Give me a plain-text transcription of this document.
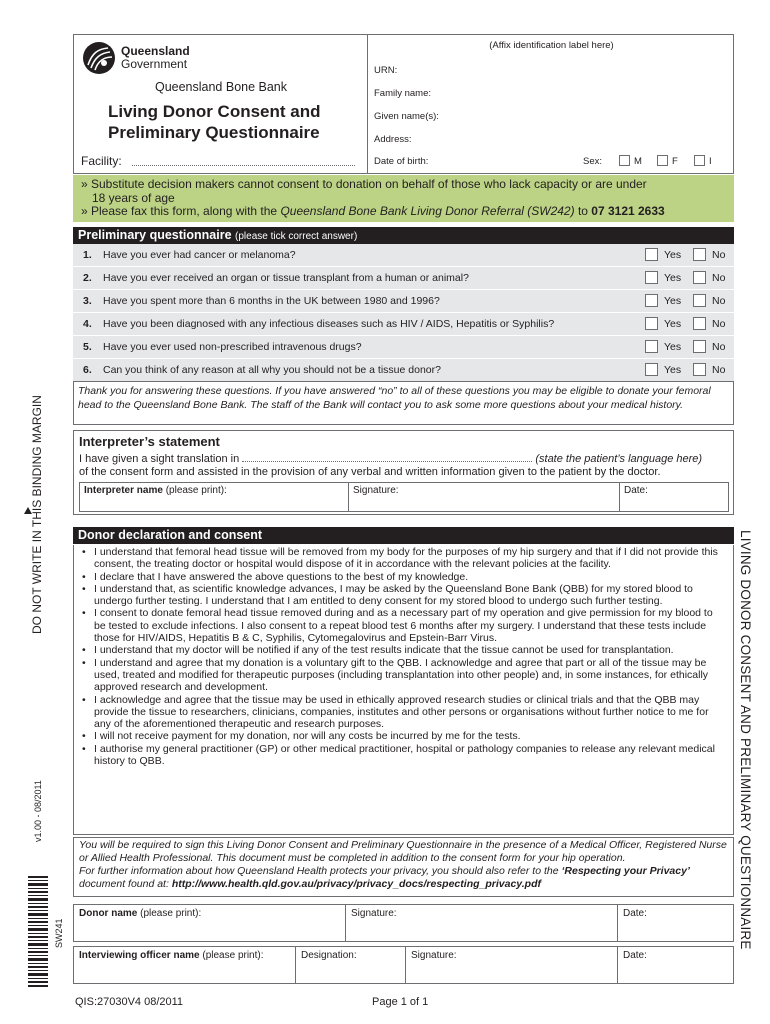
Queensland
Government
Queensland Bone Bank
Living Donor Consent and
Preliminary Questionnaire
Facility:
(Affix identification label here)
URN:
Family name:
Given name(s):
Address:
Date of birth:	Sex:	M	F	I

» Substitute decision makers cannot consent to donation on behalf of those who lack capacity or are under

18 years of age

» Please fax this form, along with the Queensland Bone Bank Living Donor Referral (SW242) to 07 3121 2633

Preliminary questionnaire (please tick correct answer)
1. Have you ever had cancer or melanoma?	Yes	No
2. Have you ever received an organ or tissue transplant from a human or animal?	Yes	No
3. Have you spent more than 6 months in the UK between 1980 and 1996?	Yes	No
4. Have you been diagnosed with any infectious diseases such as HIV / AIDS, Hepatitis or Syphilis?	Yes	No
5. Have you ever used non-prescribed intravenous drugs?	Yes	No
6. Can you think of any reason at all why you should not be a tissue donor?	Yes	No
Thank you for answering these questions. If you have answered “no” to all of these questions you may be eligible to donate your femoral head to the Queensland Bone Bank. The staff of the Bank will contact you to ask some more questions about your medical history.
Interpreter’s statement
I have given a sight translation in	(state the patient’s language here)
of the consent form and assisted in the provision of any verbal and written information given to the patient by the doctor.
Interpreter name (please print):	Signature:	Date:
Donor declaration and consent
• I understand that femoral head tissue will be removed from my body for the purposes of my hip surgery and that if I did not provide this consent, the treating doctor or hospital would dispose of it in accordance with the relevant policies at the facility.
• I declare that I have answered the above questions to the best of my knowledge.
• I understand that, as scientific knowledge advances, I may be asked by the Queensland Bone Bank (QBB) for my stored blood to undergo further testing. I understand that I am entitled to deny consent for my stored blood to undergo such further testing.
• I consent to donate femoral head tissue removed during and as a necessary part of my operation and give permission for my blood to be tested to exclude infections. I also consent to a repeat blood test 6 months after my surgery. I understand that these tests include those for HIV/AIDS, Hepatitis B & C, Syphilis, Cytomegalovirus and Epstein-Barr Virus.
• I understand that my doctor will be notified if any of the test results indicate that the tissue cannot be used for transplantation.
• I understand and agree that my donation is a voluntary gift to the QBB. I acknowledge and agree that part or all of the tissue may be used, treated and modified for therapeutic purposes (including transplantation into other people) and, in some instances, for ethically approved research and development.
• I acknowledge and agree that the tissue may be used in ethically approved research studies or clinical trials and that the QBB may provide the tissue to researchers, clinicians, companies, institutes and other persons or organisations without further notice to me for any of the aforementioned therapeutic and research purposes.
• I will not receive payment for my donation, nor will any costs be incurred by me for the tests.
• I authorise my general practitioner (GP) or other medical practitioner, hospital or pathology companies to release any relevant medical history to QBB.
You will be required to sign this Living Donor Consent and Preliminary Questionnaire in the presence of a Medical Officer, Registered Nurse or Allied Health Professional. This document must be completed in addition to the consent form for your hip operation.
For further information about how Queensland Health protects your privacy, you should also refer to the ‘Respecting your Privacy’ document found at: http://www.health.qld.gov.au/privacy/privacy_docs/respecting_privacy.pdf
Donor name (please print):	Signature:	Date:
Interviewing officer name (please print):	Designation:	Signature:	Date:
DO NOT WRITE IN THIS BINDING MARGIN
v1.00 - 08/2011
SW241	LIVING DONOR CONSENT AND PRELIMINARY QUESTIONNAIRE
QIS:27030V4 08/2011	Page 1 of 1
